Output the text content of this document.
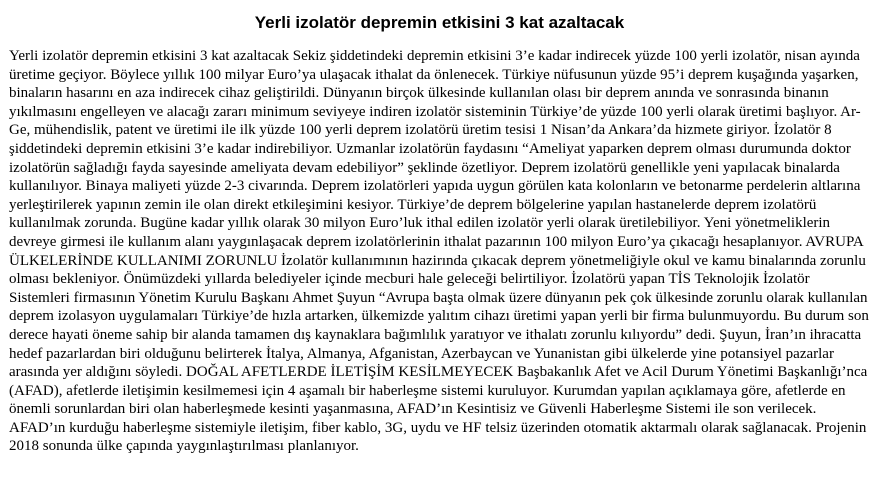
Yerli izolatör depremin etkisini 3 kat azaltacak

Yerli izolatör depremin etkisini 3 kat azaltacak Sekiz şiddetindeki depremin etkisini 3’e kadar indirecek yüzde 100 yerli izolatör, nisan ayında üretime geçiyor. Böylece yıllık 100 milyar Euro’ya ulaşacak ithalat da önlenecek. Türkiye nüfusunun yüzde 95’i deprem kuşağında yaşarken, binaların hasarını en aza indirecek cihaz geliştirildi. Dünyanın birçok ülkesinde kullanılan olası bir deprem anında ve sonrasında binanın yıkılmasını engelleyen ve alacağı zararı minimum seviyeye indiren izolatör sisteminin Türkiye’de yüzde 100 yerli olarak üretimi başlıyor. Ar-Ge, mühendislik, patent ve üretimi ile ilk yüzde 100 yerli deprem izolatörü üretim tesisi 1 Nisan’da Ankara’da hizmete giriyor. İzolatör 8 şiddetindeki depremin etkisini 3’e kadar indirebiliyor. Uzmanlar izolatörün faydasını “Ameliyat yaparken deprem olması durumunda doktor izolatörün sağladığı fayda sayesinde ameliyata devam edebiliyor” şeklinde özetliyor. Deprem izolatörü genellikle yeni yapılacak binalarda kullanılıyor. Binaya maliyeti yüzde 2-3 civarında. Deprem izolatörleri yapıda uygun görülen kata kolonların ve betonarme perdelerin altlarına yerleştirilerek yapının zemin ile olan direkt etkileşimini kesiyor. Türkiye’de deprem bölgelerine yapılan hastanelerde deprem izolatörü kullanılmak zorunda. Bugüne kadar yıllık olarak 30 milyon Euro’luk ithal edilen izolatör yerli olarak üretilebiliyor. Yeni yönetmeliklerin devreye girmesi ile kullanım alanı yaygınlaşacak deprem izolatörlerinin ithalat pazarının 100 milyon Euro’ya çıkacağı hesaplanıyor. AVRUPA ÜLKELERİNDE KULLANIMI ZORUNLU İzolatör kullanımının hazirında çıkacak deprem yönetmeliğiyle okul ve kamu binalarında zorunlu olması bekleniyor. Önümüzdeki yıllarda belediyeler içinde mecburi hale geleceği belirtiliyor. İzolatörü yapan TİS Teknolojik İzolatör Sistemleri firmasının Yönetim Kurulu Başkanı Ahmet Şuyun “Avrupa başta olmak üzere dünyanın pek çok ülkesinde zorunlu olarak kullanılan deprem izolasyon uygulamaları Türkiye’de hızla artarken, ülkemizde yalıtım cihazı üretimi yapan yerli bir firma bulunmuyordu. Bu durum son derece hayati öneme sahip bir alanda tamamen dış kaynaklara bağımlılık yaratıyor ve ithalatı zorunlu kılıyordu” dedi. Şuyun, İran’ın ihracatta hedef pazarlardan biri olduğunu belirterek İtalya, Almanya, Afganistan, Azerbaycan ve Yunanistan gibi ülkelerde yine potansiyel pazarlar arasında yer aldığını söyledi. DOĞAL AFETLERDE İLETİŞİM KESİLMEYECEK Başbakanlık Afet ve Acil Durum Yönetimi Başkanlığı’nca (AFAD), afetlerde iletişimin kesilmemesi için 4 aşamalı bir haberleşme sistemi kuruluyor. Kurumdan yapılan açıklamaya göre, afetlerde en önemli sorunlardan biri olan haberleşmede kesinti yaşanmasına, AFAD’ın Kesintisiz ve Güvenli Haberleşme Sistemi ile son verilecek. AFAD’ın kurduğu haberleşme sistemiyle iletişim, fiber kablo, 3G, uydu ve HF telsiz üzerinden otomatik aktarmalı olarak sağlanacak. Projenin 2018 sonunda ülke çapında yaygınlaştırılması planlanıyor.
